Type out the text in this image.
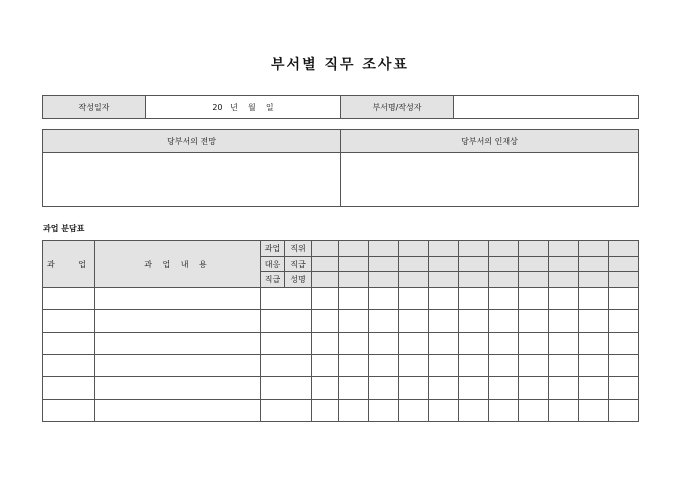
부서별 직무 조사표
작성일자	20   년    월    일	부서명/작성자	
당부서의 전망	당부서의 인재상

과업 분담표
과   업	과 업 내 용	과업	직위											
		대응	직급											
		직급	성명											
